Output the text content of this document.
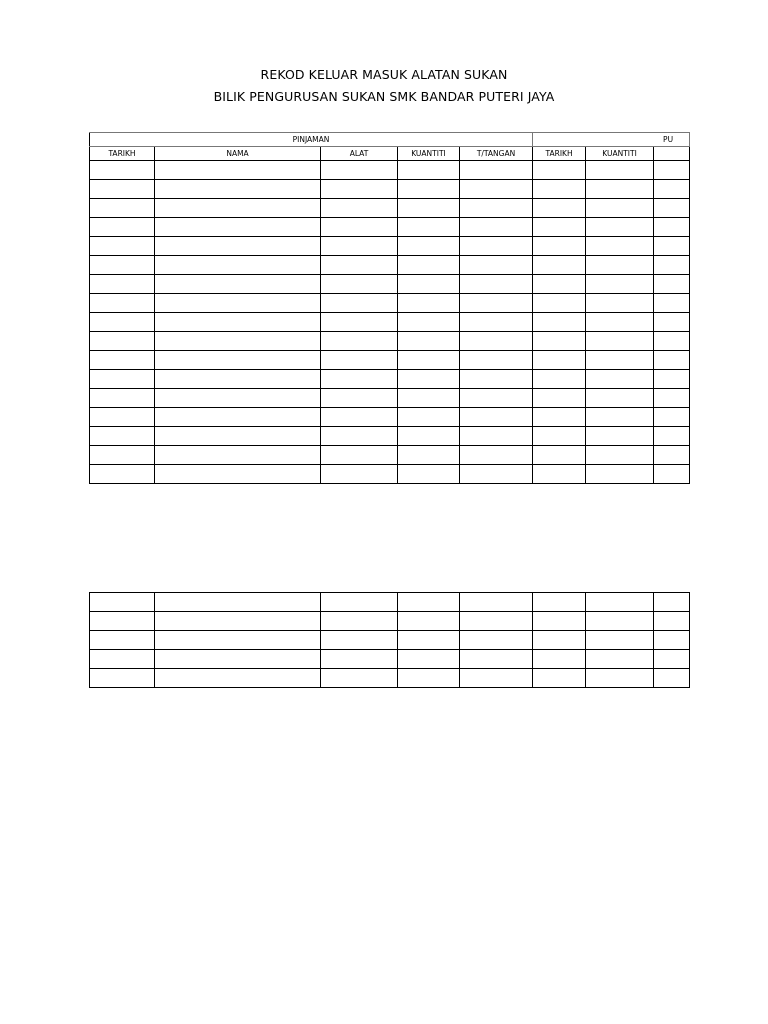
REKOD KELUAR MASUK ALATAN SUKAN
BILIK PENGURUSAN SUKAN SMK BANDAR PUTERI JAYA
PINJAMAN					PU		
TARIKH	NAMA	ALAT	KUANTITI	T/TANGAN	TARIKH	KUANTITI	
